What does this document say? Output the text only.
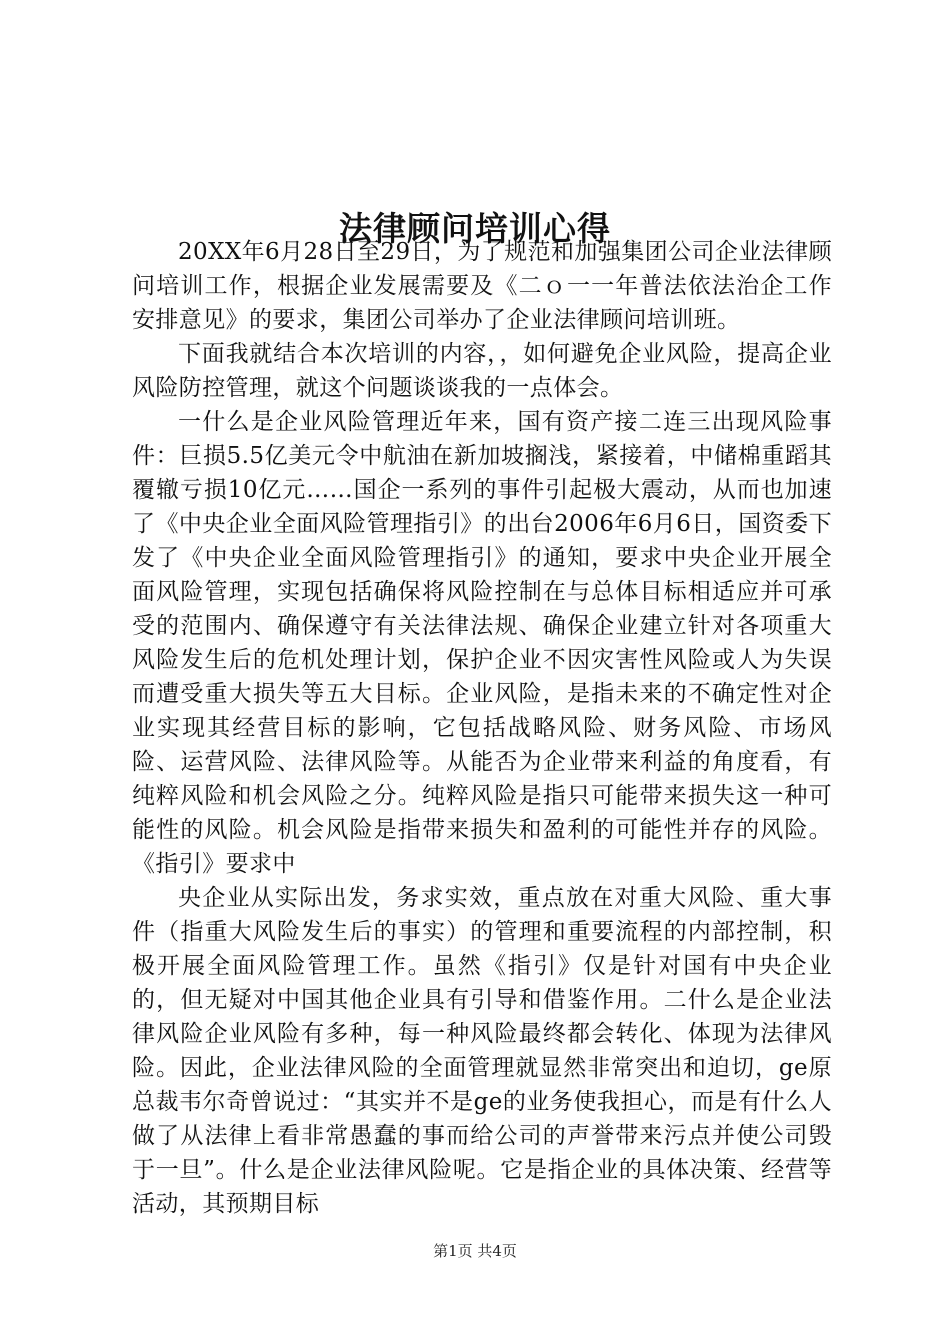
法律顾问培训心得

20XX年6月28日至29日，为了规范和加强集团公司企业法律顾问培训工作，根据企业发展需要及《二ｏ一一年普法依法治企工作安排意见》的要求，集团公司举办了企业法律顾问培训班。

下面我就结合本次培训的内容，，如何避免企业风险，提高企业风险防控管理，就这个问题谈谈我的一点体会。

一什么是企业风险管理近年来，国有资产接二连三出现风险事件：巨损5.5亿美元令中航油在新加坡搁浅，紧接着，中储棉重蹈其覆辙亏损10亿元……国企一系列的事件引起极大震动，从而也加速了《中央企业全面风险管理指引》的出台2006年6月6日，国资委下发了《中央企业全面风险管理指引》的通知，要求中央企业开展全面风险管理，实现包括确保将风险控制在与总体目标相适应并可承受的范围内、确保遵守有关法律法规、确保企业建立针对各项重大风险发生后的危机处理计划，保护企业不因灾害性风险或人为失误而遭受重大损失等五大目标。企业风险，是指未来的不确定性对企业实现其经营目标的影响，它包括战略风险、财务风险、市场风险、运营风险、法律风险等。从能否为企业带来利益的角度看，有纯粹风险和机会风险之分。纯粹风险是指只可能带来损失这一种可能性的风险。机会风险是指带来损失和盈利的可能性并存的风险。《指引》要求中

央企业从实际出发，务求实效，重点放在对重大风险、重大事件（指重大风险发生后的事实）的管理和重要流程的内部控制，积极开展全面风险管理工作。虽然《指引》仅是针对国有中央企业的，但无疑对中国其他企业具有引导和借鉴作用。二什么是企业法律风险企业风险有多种，每一种风险最终都会转化、体现为法律风险。因此，企业法律风险的全面管理就显然非常突出和迫切，ge原总裁韦尔奇曾说过：“其实并不是ge的业务使我担心，而是有什么人做了从法律上看非常愚蠢的事而给公司的声誉带来污点并使公司毁于一旦”。什么是企业法律风险呢。它是指企业的具体决策、经营等活动，其预期目标

第1页 共4页
